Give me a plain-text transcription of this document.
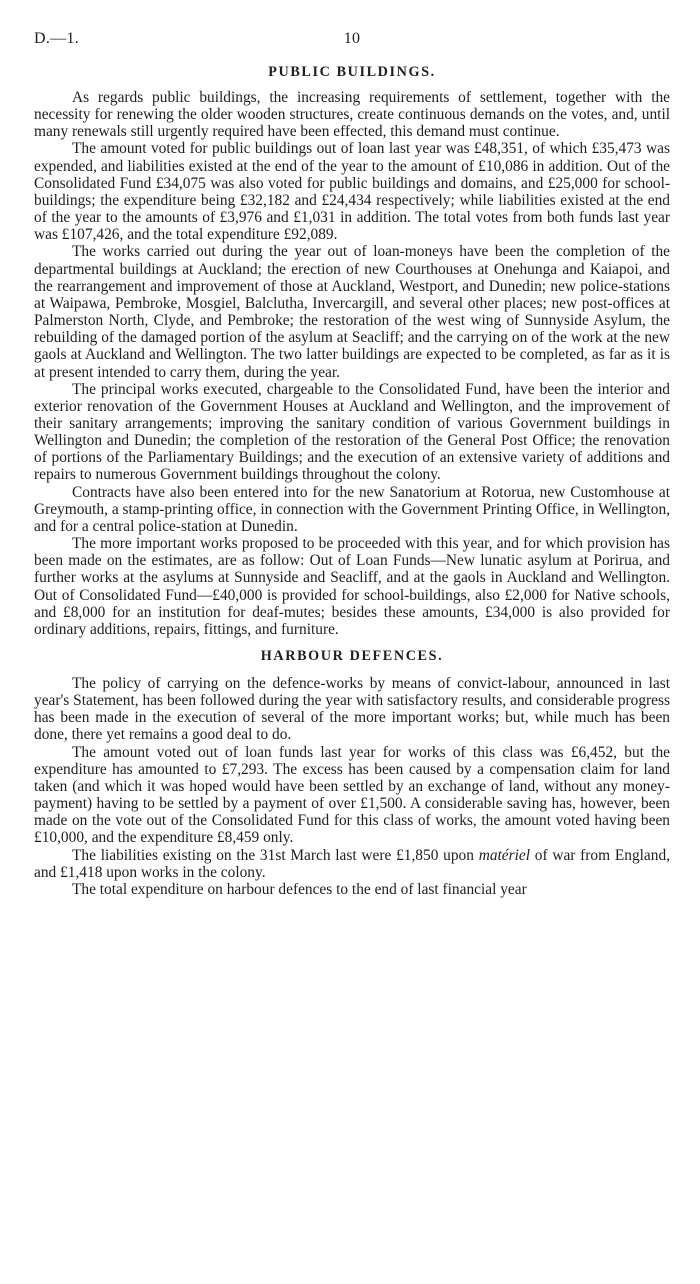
D.—1.	10
PUBLIC BUILDINGS.

As regards public buildings, the increasing requirements of settlement, together with the necessity for renewing the older wooden structures, create continuous demands on the votes, and, until many renewals still urgently required have been effected, this demand must continue.

The amount voted for public buildings out of loan last year was £48,351, of which £35,473 was expended, and liabilities existed at the end of the year to the amount of £10,086 in addition. Out of the Consolidated Fund £34,075 was also voted for public buildings and domains, and £25,000 for school-buildings; the expenditure being £32,182 and £24,434 respectively; while liabilities existed at the end of the year to the amounts of £3,976 and £1,031 in addition. The total votes from both funds last year was £107,426, and the total expenditure £92,089.

The works carried out during the year out of loan-moneys have been the completion of the departmental buildings at Auckland; the erection of new Courthouses at Onehunga and Kaiapoi, and the rearrangement and improvement of those at Auckland, Westport, and Dunedin; new police-stations at Waipawa, Pembroke, Mosgiel, Balclutha, Invercargill, and several other places; new post-offices at Palmerston North, Clyde, and Pembroke; the restoration of the west wing of Sunnyside Asylum, the rebuilding of the damaged portion of the asylum at Seacliff; and the carrying on of the work at the new gaols at Auckland and Wellington. The two latter buildings are expected to be completed, as far as it is at present intended to carry them, during the year.

The principal works executed, chargeable to the Consolidated Fund, have been the interior and exterior renovation of the Government Houses at Auckland and Wellington, and the improvement of their sanitary arrangements; improving the sanitary condition of various Government buildings in Wellington and Dunedin; the completion of the restoration of the General Post Office; the renovation of portions of the Parliamentary Buildings; and the execution of an extensive variety of additions and repairs to numerous Government buildings throughout the colony.

Contracts have also been entered into for the new Sanatorium at Rotorua, new Customhouse at Greymouth, a stamp-printing office, in connection with the Government Printing Office, in Wellington, and for a central police-station at Dunedin.

The more important works proposed to be proceeded with this year, and for which provision has been made on the estimates, are as follow: Out of Loan Funds—New lunatic asylum at Porirua, and further works at the asylums at Sunnyside and Seacliff, and at the gaols in Auckland and Wellington. Out of Consolidated Fund—£40,000 is provided for school-buildings, also £2,000 for Native schools, and £8,000 for an institution for deaf-mutes; besides these amounts, £34,000 is also provided for ordinary additions, repairs, fittings, and furniture.

HARBOUR DEFENCES.

The policy of carrying on the defence-works by means of convict-labour, announced in last year's Statement, has been followed during the year with satisfactory results, and considerable progress has been made in the execution of several of the more important works; but, while much has been done, there yet remains a good deal to do.

The amount voted out of loan funds last year for works of this class was £6,452, but the expenditure has amounted to £7,293. The excess has been caused by a compensation claim for land taken (and which it was hoped would have been settled by an exchange of land, without any money-payment) having to be settled by a payment of over £1,500. A considerable saving has, however, been made on the vote out of the Consolidated Fund for this class of works, the amount voted having been £10,000, and the expenditure £8,459 only.

The liabilities existing on the 31st March last were £1,850 upon matériel of war from England, and £1,418 upon works in the colony.

The total expenditure on harbour defences to the end of last financial year
